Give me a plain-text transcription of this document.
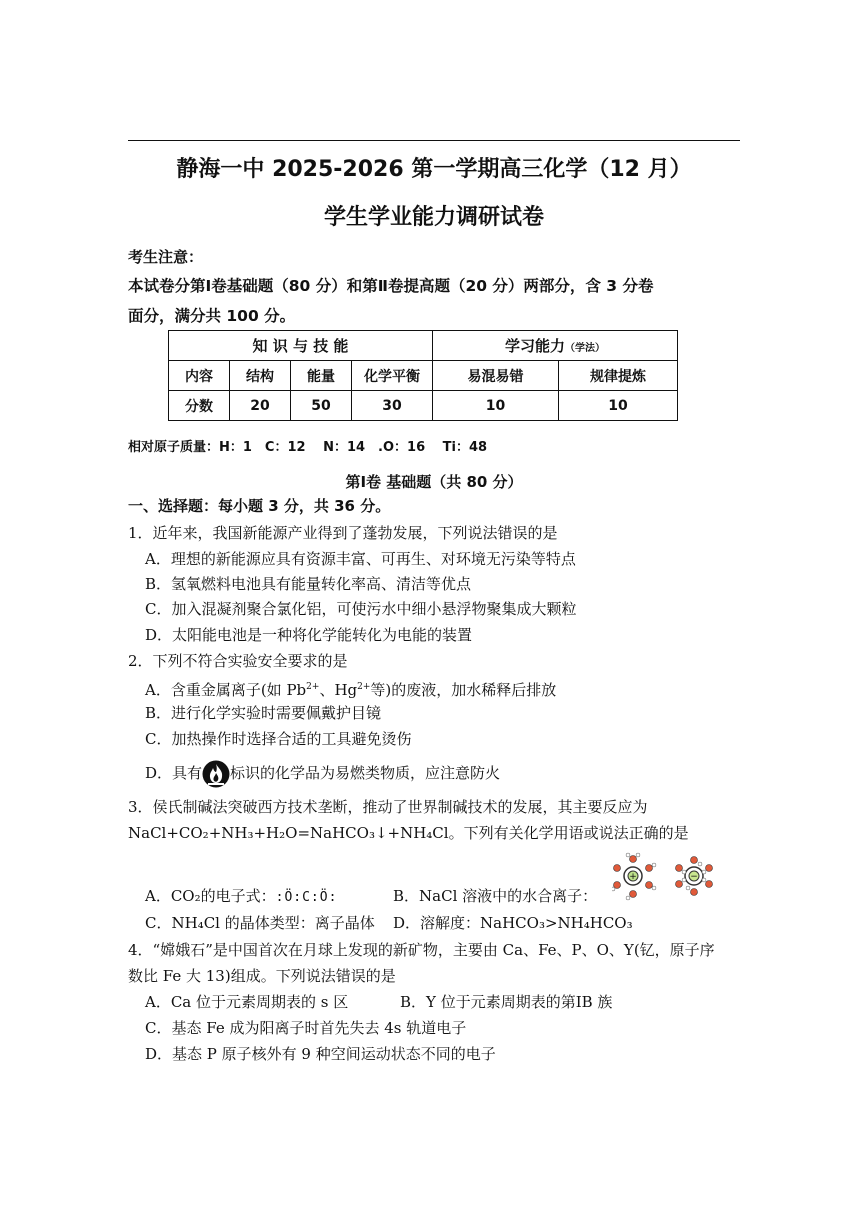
静海一中 2025-2026 第一学期高三化学（12 月）
学生学业能力调研试卷
考生注意：
本试卷分第Ⅰ卷基础题（80 分）和第Ⅱ卷提高题（20 分）两部分，含 3 分卷
面分，满分共 100 分。
知 识 与 技 能				学习能力（学法）	
内容	结构	能量	化学平衡	易混易错	规律提炼
分数	20	50	30	10	10
相对原子质量：H：1　C：12　 N：14　.O：16　 Ti：48
第Ⅰ卷 基础题（共 80 分）
一、选择题：每小题 3 分，共 36 分。
1．近年来，我国新能源产业得到了蓬勃发展，下列说法错误的是
A．理想的新能源应具有资源丰富、可再生、对环境无污染等特点
B．氢氧燃料电池具有能量转化率高、清洁等优点
C．加入混凝剂聚合氯化铝，可使污水中细小悬浮物聚集成大颗粒
D．太阳能电池是一种将化学能转化为电能的装置
2．下列不符合实验安全要求的是
A．含重金属离子(如 $Pb^{2+}$、$Hg^{2+}$等)的废液，加水稀释后排放
B．进行化学实验时需要佩戴护目镜
C．加热操作时选择合适的工具避免烫伤
D．具有 标识的化学品为易燃类物质，应注意防火
3．侯氏制碱法突破西方技术垄断，推动了世界制碱技术的发展，其主要反应为
NaCl+CO₂+NH₃+H₂O=NaHCO₃↓+NH₄Cl。下列有关化学用语或说法正确的是
A．CO₂的电子式：:Ö:C:Ö:	B．NaCl 溶液中的水合离子：
+	−
C．NH₄Cl 的晶体类型：离子晶体 D．溶解度：NaHCO₃>NH₄HCO₃
4．“嫦娥石”是中国首次在月球上发现的新矿物，主要由 Ca、Fe、P、O、Y(钇，原子序
数比 Fe 大 13)组成。下列说法错误的是
A．Ca 位于元素周期表的 s 区	B．Y 位于元素周期表的第ⅠB 族
C．基态 Fe 成为阳离子时首先失去 4s 轨道电子
D．基态 P 原子核外有 9 种空间运动状态不同的电子
